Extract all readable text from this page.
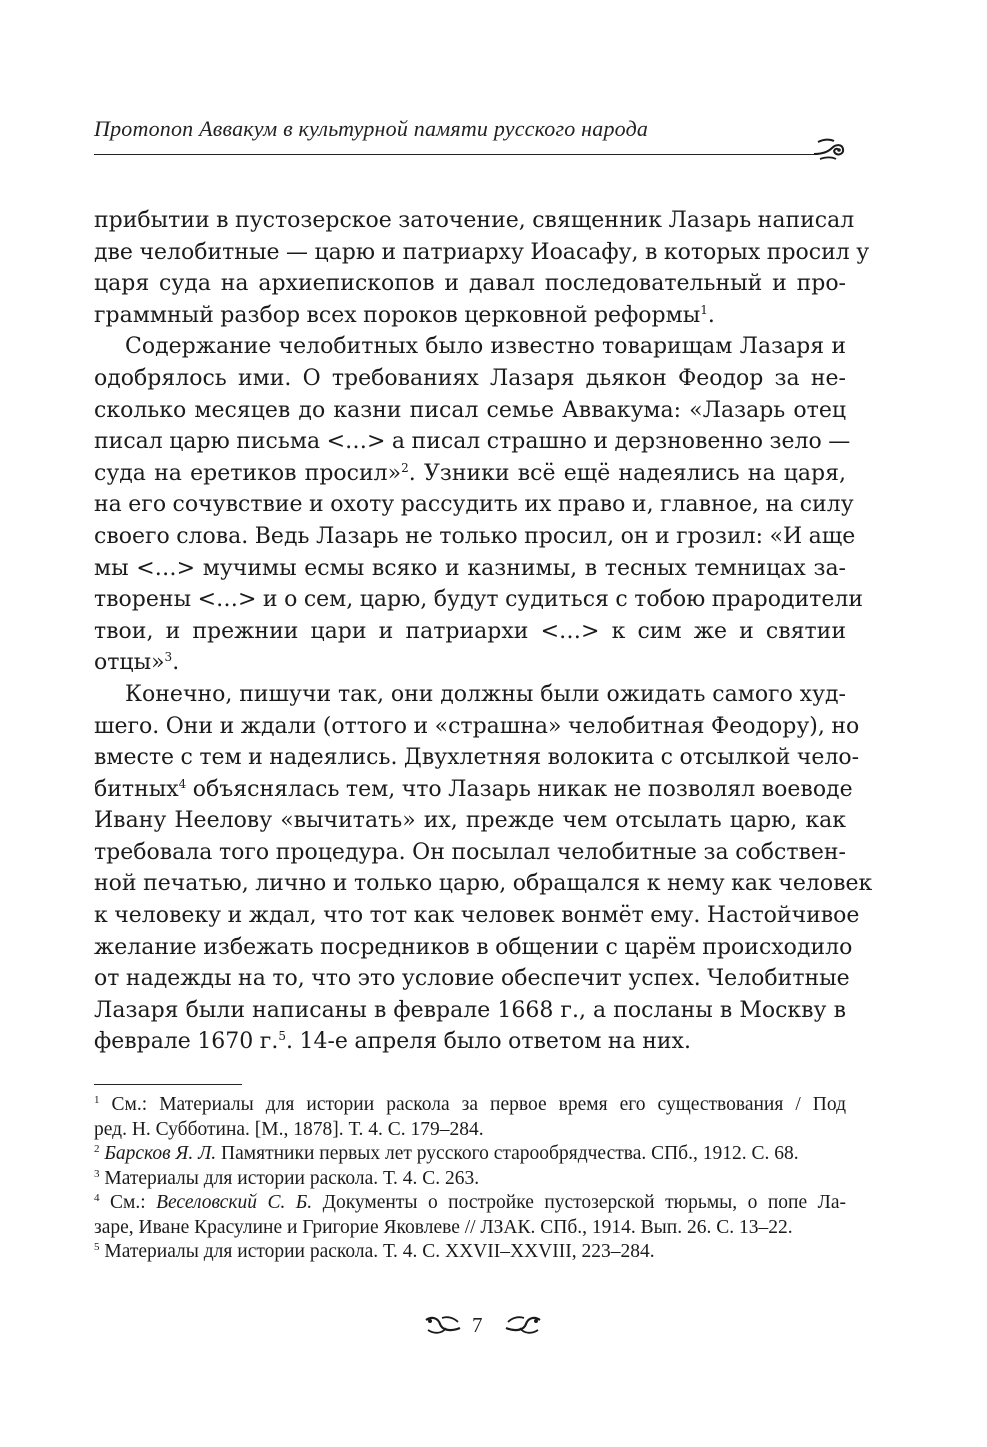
Протопоп Аввакум в культурной памяти русского народа
прибытии в пустозерское заточение, священник Лазарь написал
две челобитные — царю и патриарху Иоасафу, в которых просил у
царя суда на архиепископов и давал последовательный и про-
граммный разбор всех пороков церковной реформы$^1$.
Содержание челобитных было известно товарищам Лазаря и
одобрялось ими. О требованиях Лазаря дьякон Феодор за не-
сколько месяцев до казни писал семье Аввакума: «Лазарь отец
писал царю письма <…> а писал страшно и дерзновенно зело —
суда на еретиков просил»$^2$. Узники всё ещё надеялись на царя,
на его сочувствие и охоту рассудить их право и, главное, на силу
своего слова. Ведь Лазарь не только просил, он и грозил: «И аще
мы <…> мучимы есмы всяко и казнимы, в тесных темницах за-
творены <…> и о сем, царю, будут судиться с тобою прародители
твои, и прежнии цари и патриархи <…> к сим же и святии
отцы»$^3$.
Конечно, пишучи так, они должны были ожидать самого худ-
шего. Они и ждали (оттого и «страшна» челобитная Феодору), но
вместе с тем и надеялись. Двухлетняя волокита с отсылкой чело-
битных$^4$ объяснялась тем, что Лазарь никак не позволял воеводе
Ивану Неелову «вычитать» их, прежде чем отсылать царю, как
требовала того процедура. Он посылал челобитные за собствен-
ной печатью, лично и только царю, обращался к нему как человек
к человеку и ждал, что тот как человек вонмёт ему. Настойчивое
желание избежать посредников в общении с царём происходило
от надежды на то, что это условие обеспечит успех. Челобитные
Лазаря были написаны в феврале 1668 г., а посланы в Москву в
феврале 1670 г.$^5$. 14-е апреля было ответом на них.
$^1$ См.: Материалы для истории раскола за первое время его существования / Под
ред. Н. Субботина. [М., 1878]. Т. 4. С. 179–284.
$^2$ Барсков Я. Л. Памятники первых лет русского старообрядчества. СПб., 1912. С. 68.
$^3$ Материалы для истории раскола. Т. 4. С. 263.
$^4$ См.: Веселовский С. Б. Документы о постройке пустозерской тюрьмы, о попе Ла-
заре, Иване Красулине и Григорие Яковлеве // ЛЗАК. СПб., 1914. Вып. 26. С. 13–22.
$^5$ Материалы для истории раскола. Т. 4. С. XXVII–XXVIII, 223–284.
7
